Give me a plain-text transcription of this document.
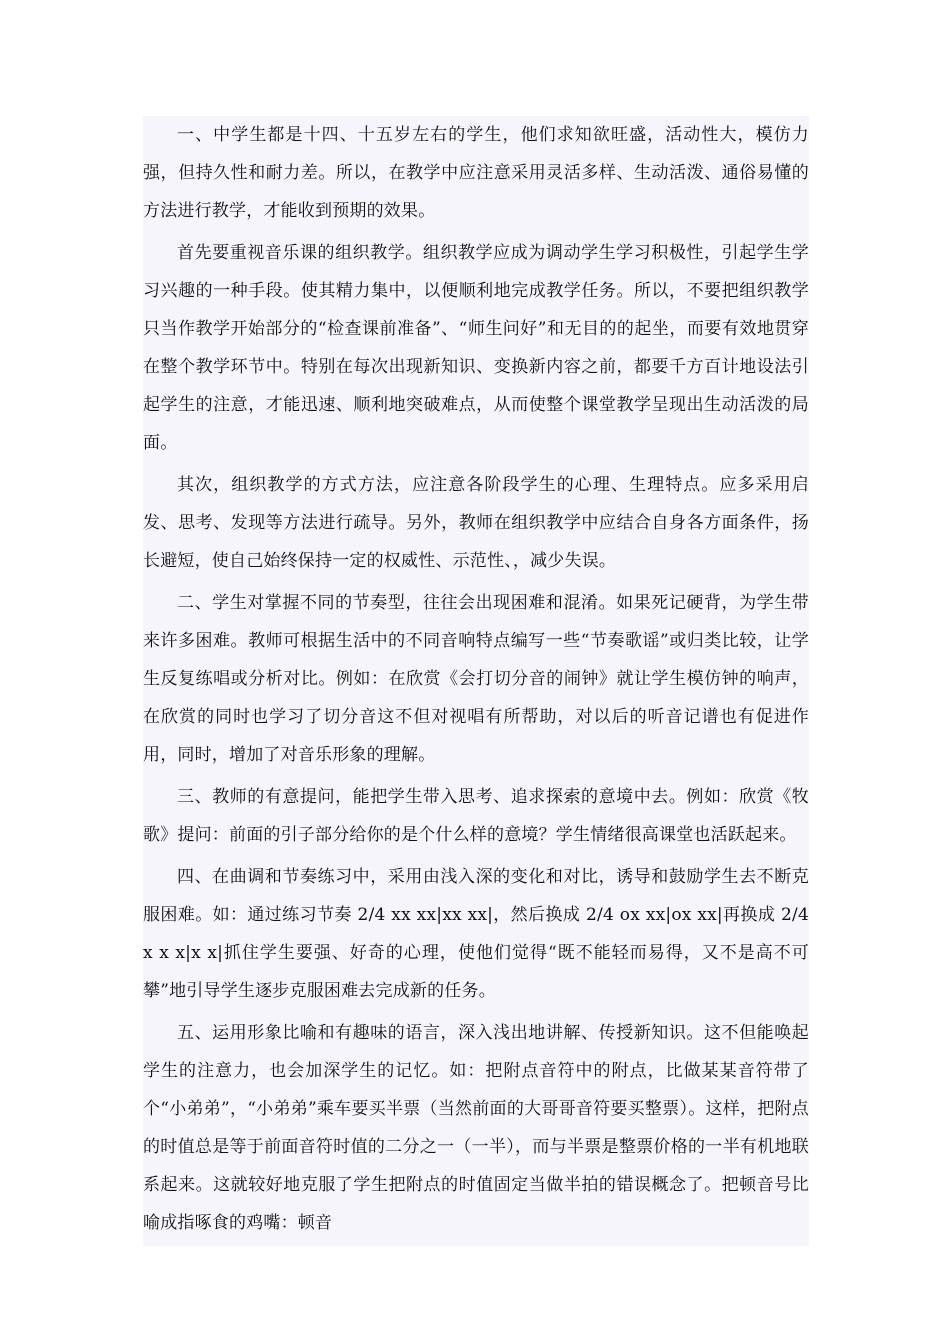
一、中学生都是十四、十五岁左右的学生，他们求知欲旺盛，活动性大，模仿力强，但持久性和耐力差。所以，在教学中应注意采用灵活多样、生动活泼、通俗易懂的方法进行教学，才能收到预期的效果。

首先要重视音乐课的组织教学。组织教学应成为调动学生学习积极性，引起学生学习兴趣的一种手段。使其精力集中，以便顺利地完成教学任务。所以，不要把组织教学只当作教学开始部分的“检查课前准备”、“师生问好”和无目的的起坐，而要有效地贯穿在整个教学环节中。特别在每次出现新知识、变换新内容之前，都要千方百计地设法引起学生的注意，才能迅速、顺利地突破难点，从而使整个课堂教学呈现出生动活泼的局面。

其次，组织教学的方式方法，应注意各阶段学生的心理、生理特点。应多采用启发、思考、发现等方法进行疏导。另外，教师在组织教学中应结合自身各方面条件，扬长避短，使自己始终保持一定的权威性、示范性、，减少失误。

二、学生对掌握不同的节奏型，往往会出现困难和混淆。如果死记硬背，为学生带来许多困难。教师可根据生活中的不同音响特点编写一些“节奏歌谣”或归类比较，让学生反复练唱或分析对比。例如：在欣赏《会打切分音的闹钟》就让学生模仿钟的响声，在欣赏的同时也学习了切分音这不但对视唱有所帮助，对以后的听音记谱也有促进作用，同时，增加了对音乐形象的理解。

三、教师的有意提问，能把学生带入思考、追求探索的意境中去。例如：欣赏《牧歌》提问：前面的引子部分给你的是个什么样的意境？学生情绪很高课堂也活跃起来。

四、在曲调和节奏练习中，采用由浅入深的变化和对比，诱导和鼓励学生去不断克服困难。如：通过练习节奏 2/4 xx xx|xx xx|，然后换成 2/4 ox xx|ox xx|再换成 2/4 x x x|x x|抓住学生要强、好奇的心理，使他们觉得“既不能轻而易得，又不是高不可攀”地引导学生逐步克服困难去完成新的任务。

五、运用形象比喻和有趣味的语言，深入浅出地讲解、传授新知识。这不但能唤起学生的注意力，也会加深学生的记忆。如：把附点音符中的附点，比做某某音符带了个“小弟弟”，“小弟弟”乘车要买半票（当然前面的大哥哥音符要买整票）。这样，把附点的时值总是等于前面音符时值的二分之一（一半），而与半票是整票价格的一半有机地联系起来。这就较好地克服了学生把附点的时值固定当做半拍的错误概念了。把顿音号比喻成指啄食的鸡嘴：顿音
